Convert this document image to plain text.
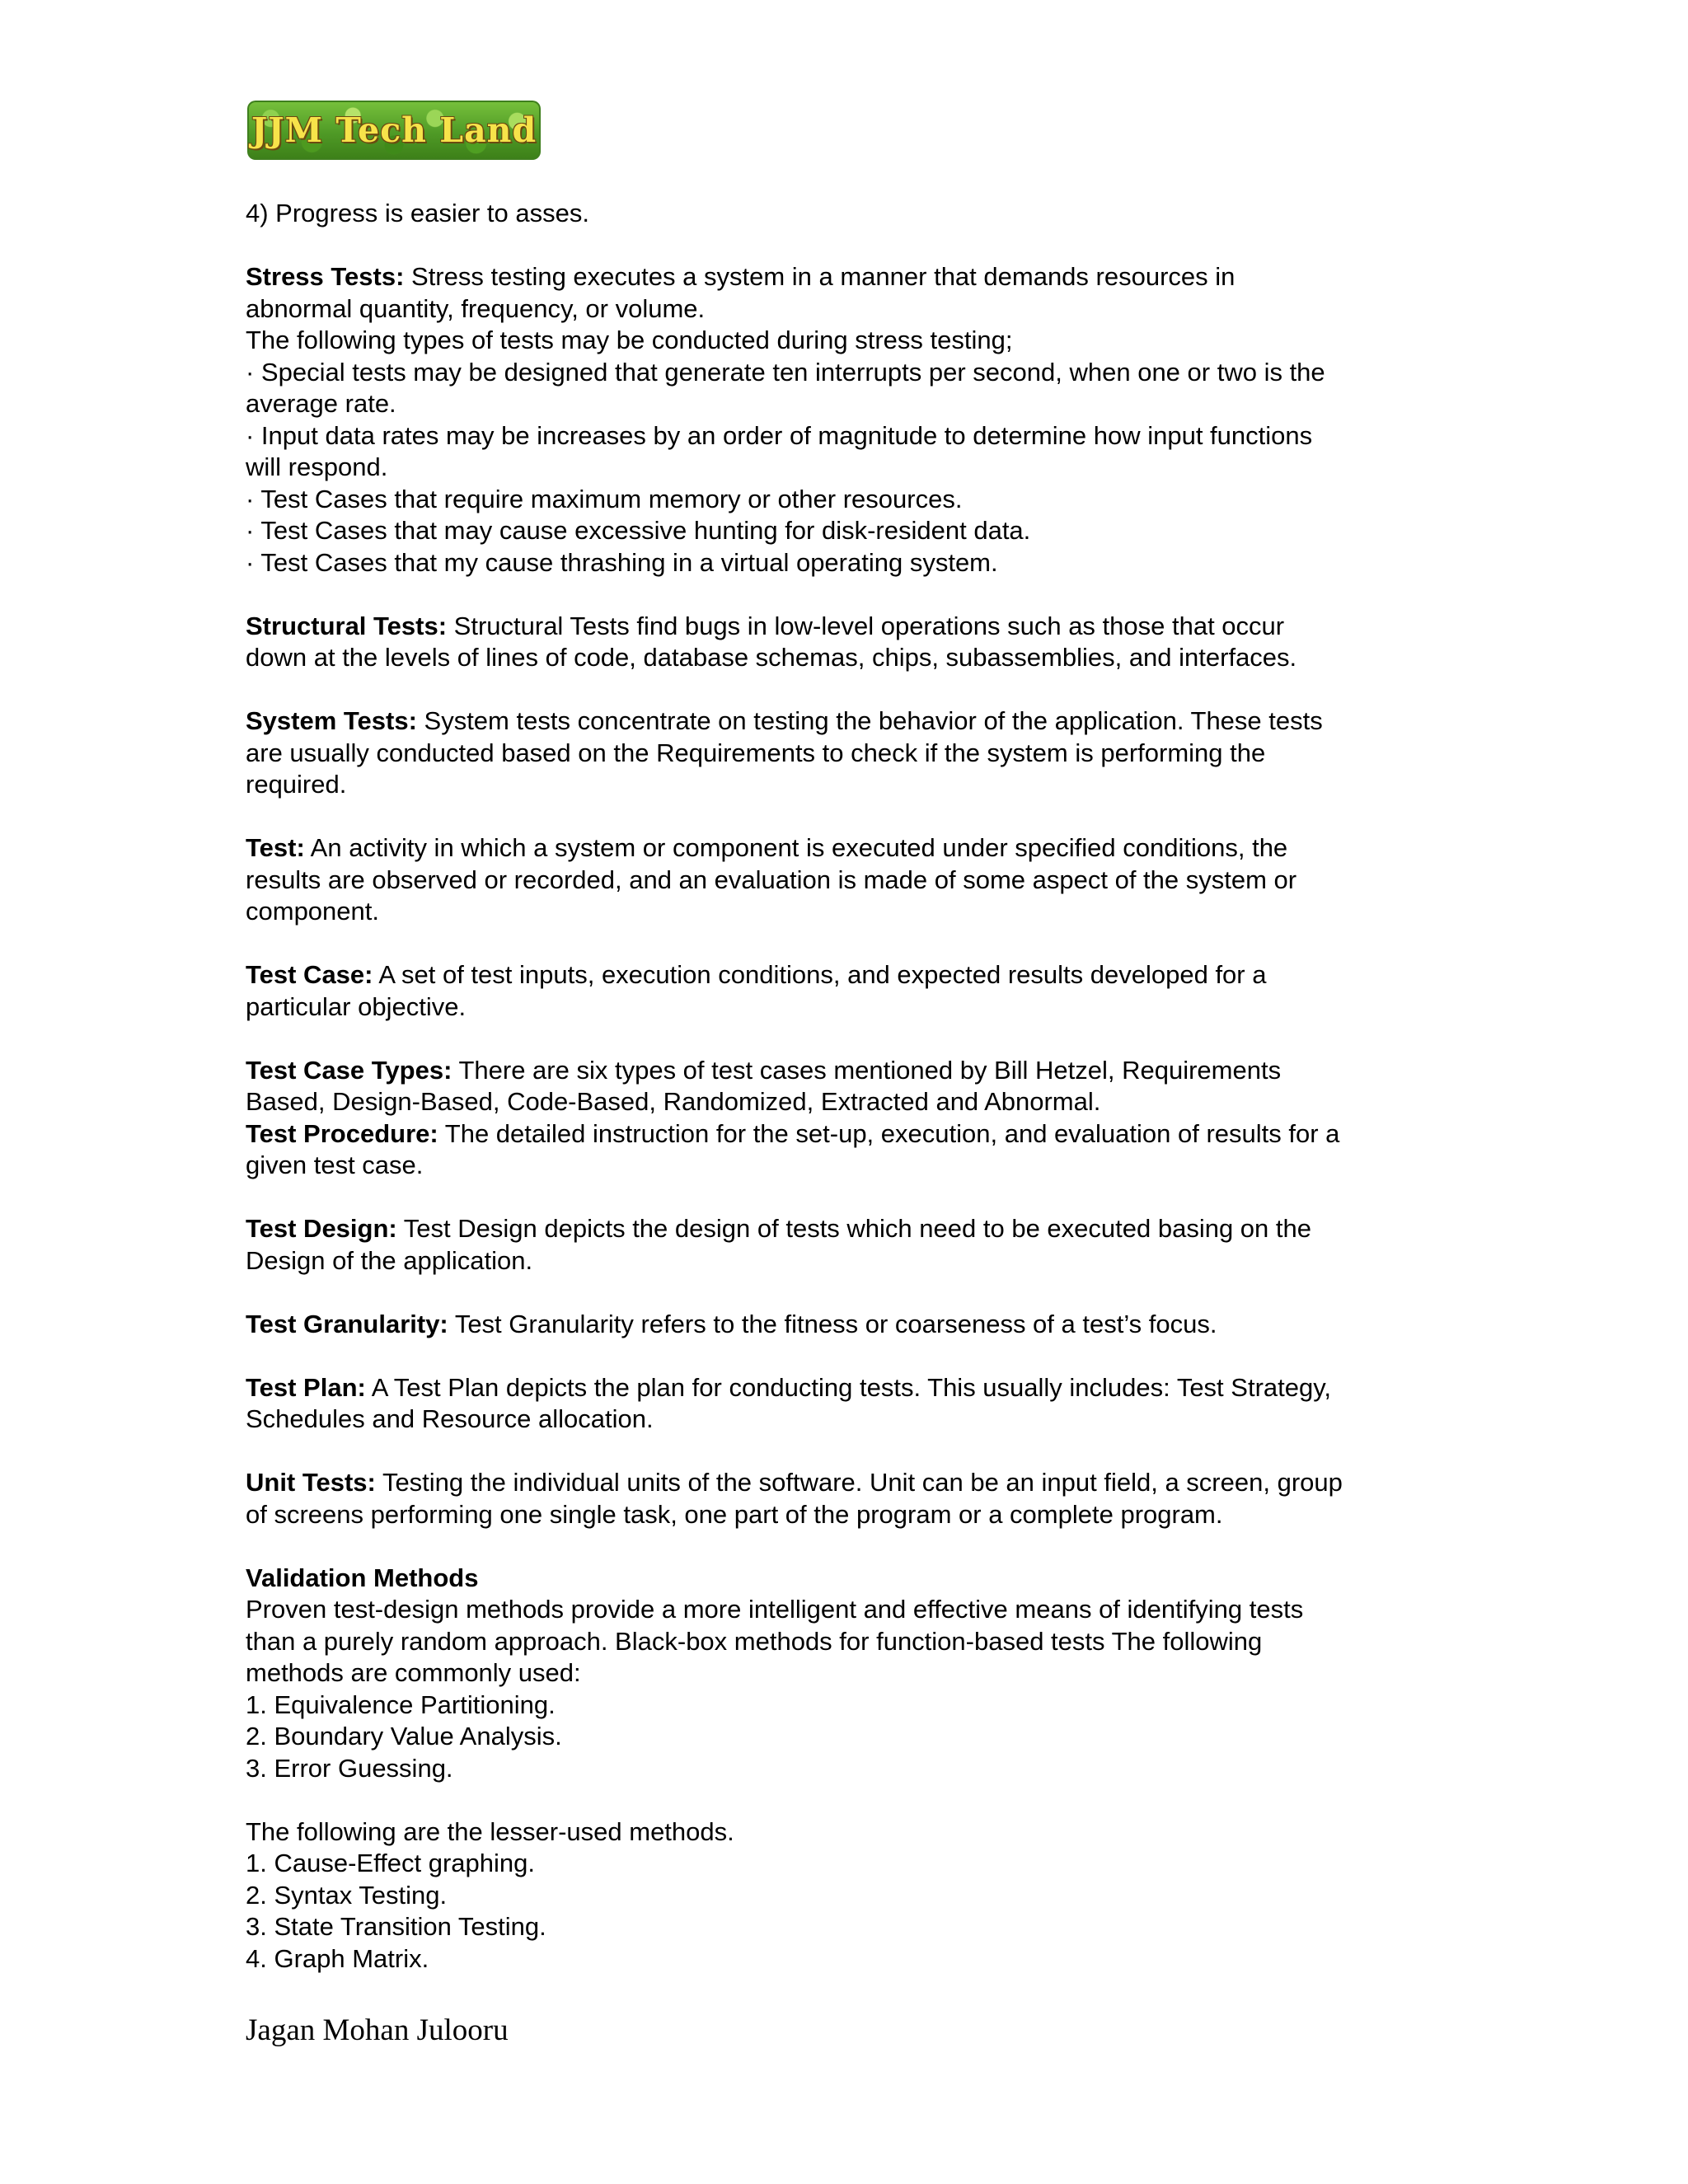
JJM Tech Land

4) Progress is easier to asses.

Stress Tests: Stress testing executes a system in a manner that demands resources in

abnormal quantity, frequency, or volume.

The following types of tests may be conducted during stress testing;

· Special tests may be designed that generate ten interrupts per second, when one or two is the

average rate.

· Input data rates may be increases by an order of magnitude to determine how input functions

will respond.

· Test Cases that require maximum memory or other resources.

· Test Cases that may cause excessive hunting for disk-resident data.

· Test Cases that my cause thrashing in a virtual operating system.

Structural Tests: Structural Tests find bugs in low-level operations such as those that occur

down at the levels of lines of code, database schemas, chips, subassemblies, and interfaces.

System Tests: System tests concentrate on testing the behavior of the application. These tests

are usually conducted based on the Requirements to check if the system is performing the

required.

Test: An activity in which a system or component is executed under specified conditions, the

results are observed or recorded, and an evaluation is made of some aspect of the system or

component.

Test Case: A set of test inputs, execution conditions, and expected results developed for a

particular objective.

Test Case Types: There are six types of test cases mentioned by Bill Hetzel, Requirements

Based, Design-Based, Code-Based, Randomized, Extracted and Abnormal.

Test Procedure: The detailed instruction for the set-up, execution, and evaluation of results for a

given test case.

Test Design: Test Design depicts the design of tests which need to be executed basing on the

Design of the application.

Test Granularity: Test Granularity refers to the fitness or coarseness of a test’s focus.

Test Plan: A Test Plan depicts the plan for conducting tests. This usually includes: Test Strategy,

Schedules and Resource allocation.

Unit Tests: Testing the individual units of the software. Unit can be an input field, a screen, group

of screens performing one single task, one part of the program or a complete program.

Validation Methods

Proven test-design methods provide a more intelligent and effective means of identifying tests

than a purely random approach. Black-box methods for function-based tests The following

methods are commonly used:

1. Equivalence Partitioning.

2. Boundary Value Analysis.

3. Error Guessing.

The following are the lesser-used methods.

1. Cause-Effect graphing.

2. Syntax Testing.

3. State Transition Testing.

4. Graph Matrix.

Jagan Mohan Julooru
